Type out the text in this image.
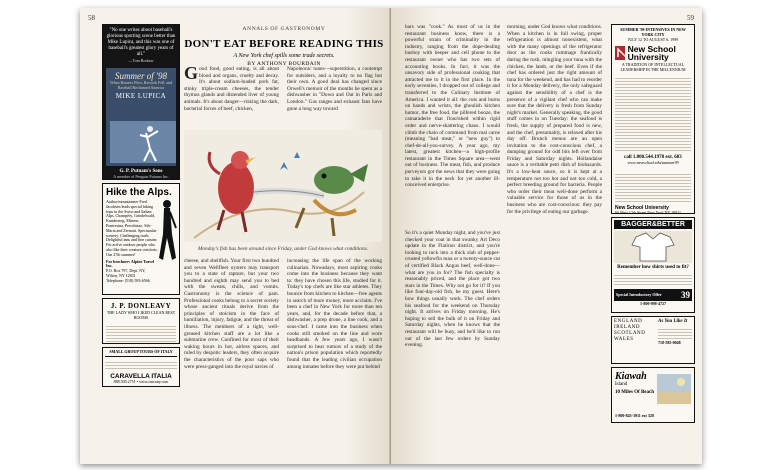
58
"No one writes about baseball's glorious sporting scene better than Mike Lupica, and this was one of baseball's greatest glory years of all."
—Tom Brokaw
Summer of '98
When Homers Flew, Records Fell, and Baseball Reclaimed America
MIKE LUPICA
G. P. Putnam's Sons
A member of Penguin Putnam Inc.
Hike the Alps.
Author/mountaineer Fred Jacobsen leads special hiking trips in the Swiss and Italian Alps. Champéry, Grindelwald, Kandersteg, Mürren, Pontresina, Preschiazo, Sils-Maria and Zermatt. Spectacular scenery. Challenging trails. Delightful inns and fine cuisine. For active outdoor people who also like their creature comforts. Our 27th summer!
For brochure: Alpine Travel Inc.
P.O. Box 797, Dept. NY, Wilton, NY 12831
Telephone: (518) 583-6566
J. P. DONLEAVY
THE LADY WHO LIKED CLEAN REST ROOMS
SMALL GROUP TOURS OF ITALY
CARAVELLA ITALIA
888.500.2751 • www.tuscany.com
ANNALS OF GASTRONOMY
DON'T EAT BEFORE READING THIS
A New York chef spills some trade secrets.
BY ANTHONY BOURDAIN
Good food, good eating, is all about blood and organs, cruelty and decay. It's about sodium-loaded pork fat, stinky triple-cream cheeses, the tender thymus glands and distended liver of young animals. It's about danger—risking the dark, bacterial forces of beef, chicken,
Napoleonic tunes—superstition, a contempt for outsiders, and a loyalty to no flag but their own. A good deal has changed since Orwell's memoir of the months he spent as a dishwasher in "Down and Out in Paris and London." Gas ranges and exhaust fans have gone a long way toward
Monday's fish has been around since Friday, under God knows what conditions.
cheese, and shellfish. Your first two hundred and seven Wellfleet oysters may transport you to a state of rapture, but your two hundred and eighth may send you to bed with the sweats, chills, and vomits. Gastronomy is the science of pain. Professional cooks belong to a secret society whose ancient rituals derive from the principles of stoicism in the face of humiliation, injury, fatigue, and the threat of illness. The members of a tight, well-greased kitchen staff are a lot like a submarine crew. Confined for most of their waking hours in hot, airless spaces, and ruled by despotic leaders, they often acquire the characteristics of the poor saps who were press-ganged into the royal navies of
increasing the life span of the working culinarian. Nowadays, most aspiring cooks come into the business because they want to: they have chosen this life, studied for it. Today's top chefs are like star athletes. They bounce from kitchen to kitchen—free agents in search of more money, more acclaim. I've been a chef in New York for more than ten years, and, for the decade before that, a dishwasher, a prep drone, a line cook, and a sous-chef. I came into the business when cooks still smoked on the line and wore headbands. A few years ago, I wasn't surprised to hear rumors of a study of the nation's prison population which reportedly found that the leading civilian occupation among inmates before they were put behind
59
bars was "cook." As most of us in the restaurant business know, there is a powerful strain of criminality in the industry, ranging from the dope-dealing busboy with beeper and cell phone to the restaurant owner who has two sets of accounting books. In fact, it was the unsavory side of professional cooking that attracted me to it in the first place. In the early seventies, I dropped out of college and transferred to the Culinary Institute of America. I wanted it all: the cuts and burns on hands and wrists, the ghoulish kitchen humor, the free food, the pilfered booze, the camaraderie that flourished within rigid order and nerve-shattering chaos. I would climb the chain of command from mal carne (meaning "bad meat," or "new guy") to chef-de-all-you-survey. A year ago, my latest, greatest kitchen—a high-profile restaurant in the Times Square area—went out of business. The meat, fish, and produce purveyors got the news that they were going to take it in the neck for yet another ill-conceived enterprise.
So it's a quiet Monday night, and you've just checked your coat in that swanky Art Deco update in the Flatiron district, and you're looking to tuck into a thick slab of pepper-crusted yellowfin tuna or a twenty-ounce cut of certified Black Angus beef, well-done—what are you in for? The fish specialty is reasonably priced, and the place got two stars in the Times. Why not go for it? If you like four-day-old fish, be my guest. Here's how things usually work. The chef orders his seafood for the weekend on Thursday night. It arrives on Friday morning. He's hoping to sell the bulk of it on Friday and Saturday nights, when he knows that the restaurant will be busy, and he'd like to run out of the last few orders by Sunday evening.
morning, under God knows what conditions. When a kitchen is in full swing, proper refrigeration is almost nonexistent, what with the many openings of the refrigerator door as the cooks rummage frantically during the rush, mingling your tuna with the chicken, the lamb, or the beef. Even if the chef has ordered just the right amount of tuna for the weekend, and has had to reorder it for a Monday delivery, the only safeguard against the sensibility of a chef is the presence of a vigilant chef who can make sure that the delivery is fresh from Sunday night's market. Generally speaking, the good stuff comes in on Tuesday: the seafood is fresh, the supply of prepared food is new, and the chef, presumably, is relaxed after his day off. Brunch menus are an open invitation to the cost-conscious chef, a dumping ground for odd bits left over from Friday and Saturday nights. Hollandaise sauce is a veritable petri dish of biohazards. It's a low-heat sauce, so it is kept at a temperature not too hot and not too cold, a perfect breeding ground for bacteria. People who order their meat well-done perform a valuable service for those of us in the business who are cost-conscious: they pay for the privilege of eating our garbage.
SUMMER '99 INTENSIVES IN NEW YORK CITY
JULY 12 TO AUGUST 6, 1999
New School University
A TRADITION OF INTELLECTUAL LEADERSHIP IN THE MILLENNIUM
call 1.800.544.1978 ext. 683
www.newschool.edu/summer99
New School University
66 West 12th Street New York NY 10011
BAGGER&BETTER
Remember how shirts used to fit?
Special Introductory Offer 39
1-800-998-4727
ENGLAND
IRELAND
SCOTLAND
WALES
As You Like It
718-585-0048
Kiawah
Island
10 Miles Of Beach
1-800-845-3911 ext 328
